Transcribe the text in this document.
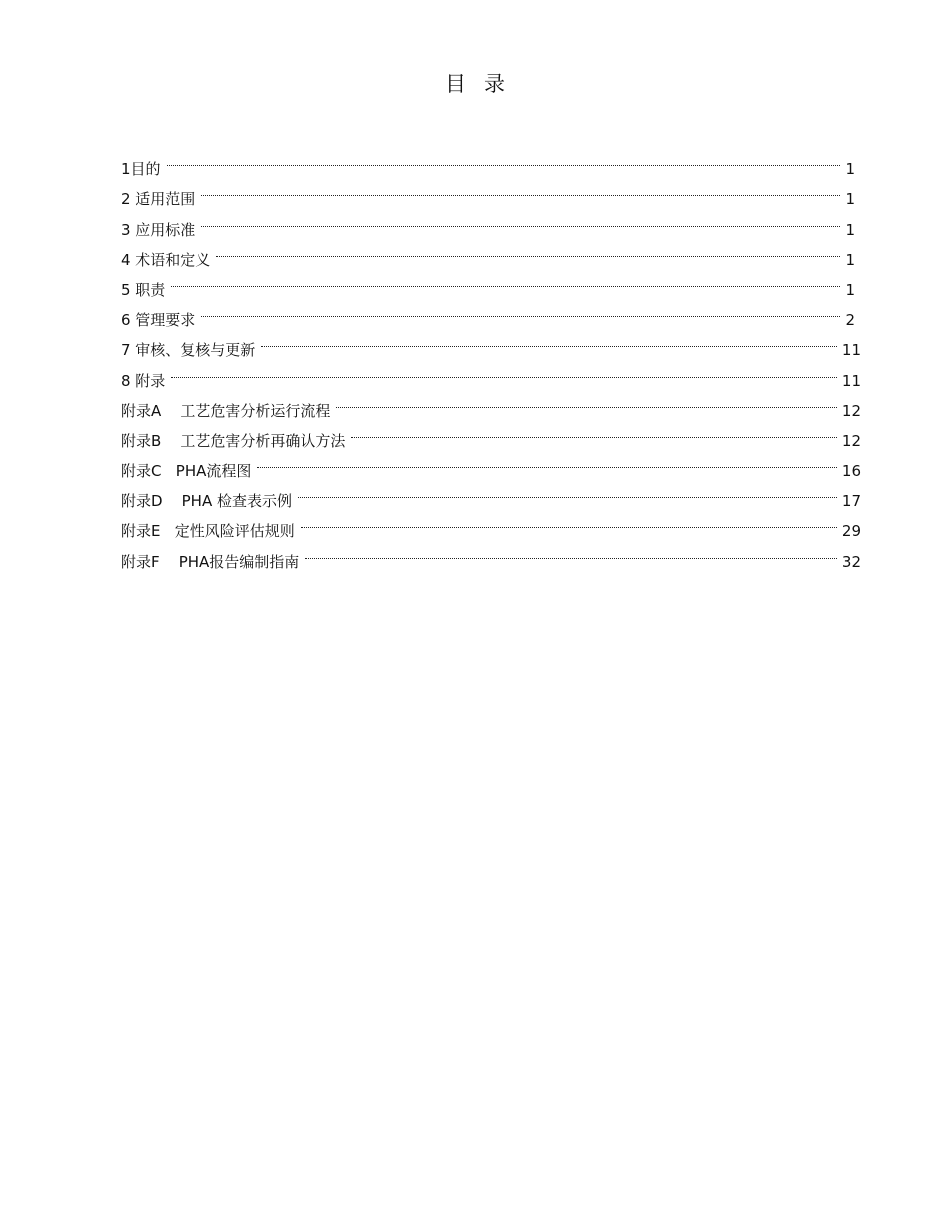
目录
1目的	1
2 适用范围	1
3 应用标准	1
4 术语和定义	1
5 职责	1
6 管理要求	2
7 审核、复核与更新	11
8 附录	11
附录A    工艺危害分析运行流程	12
附录B    工艺危害分析再确认方法	12
附录C   PHA流程图	16
附录D    PHA 检查表示例	17
附录E   定性风险评估规则	29
附录F    PHA报告编制指南	32
